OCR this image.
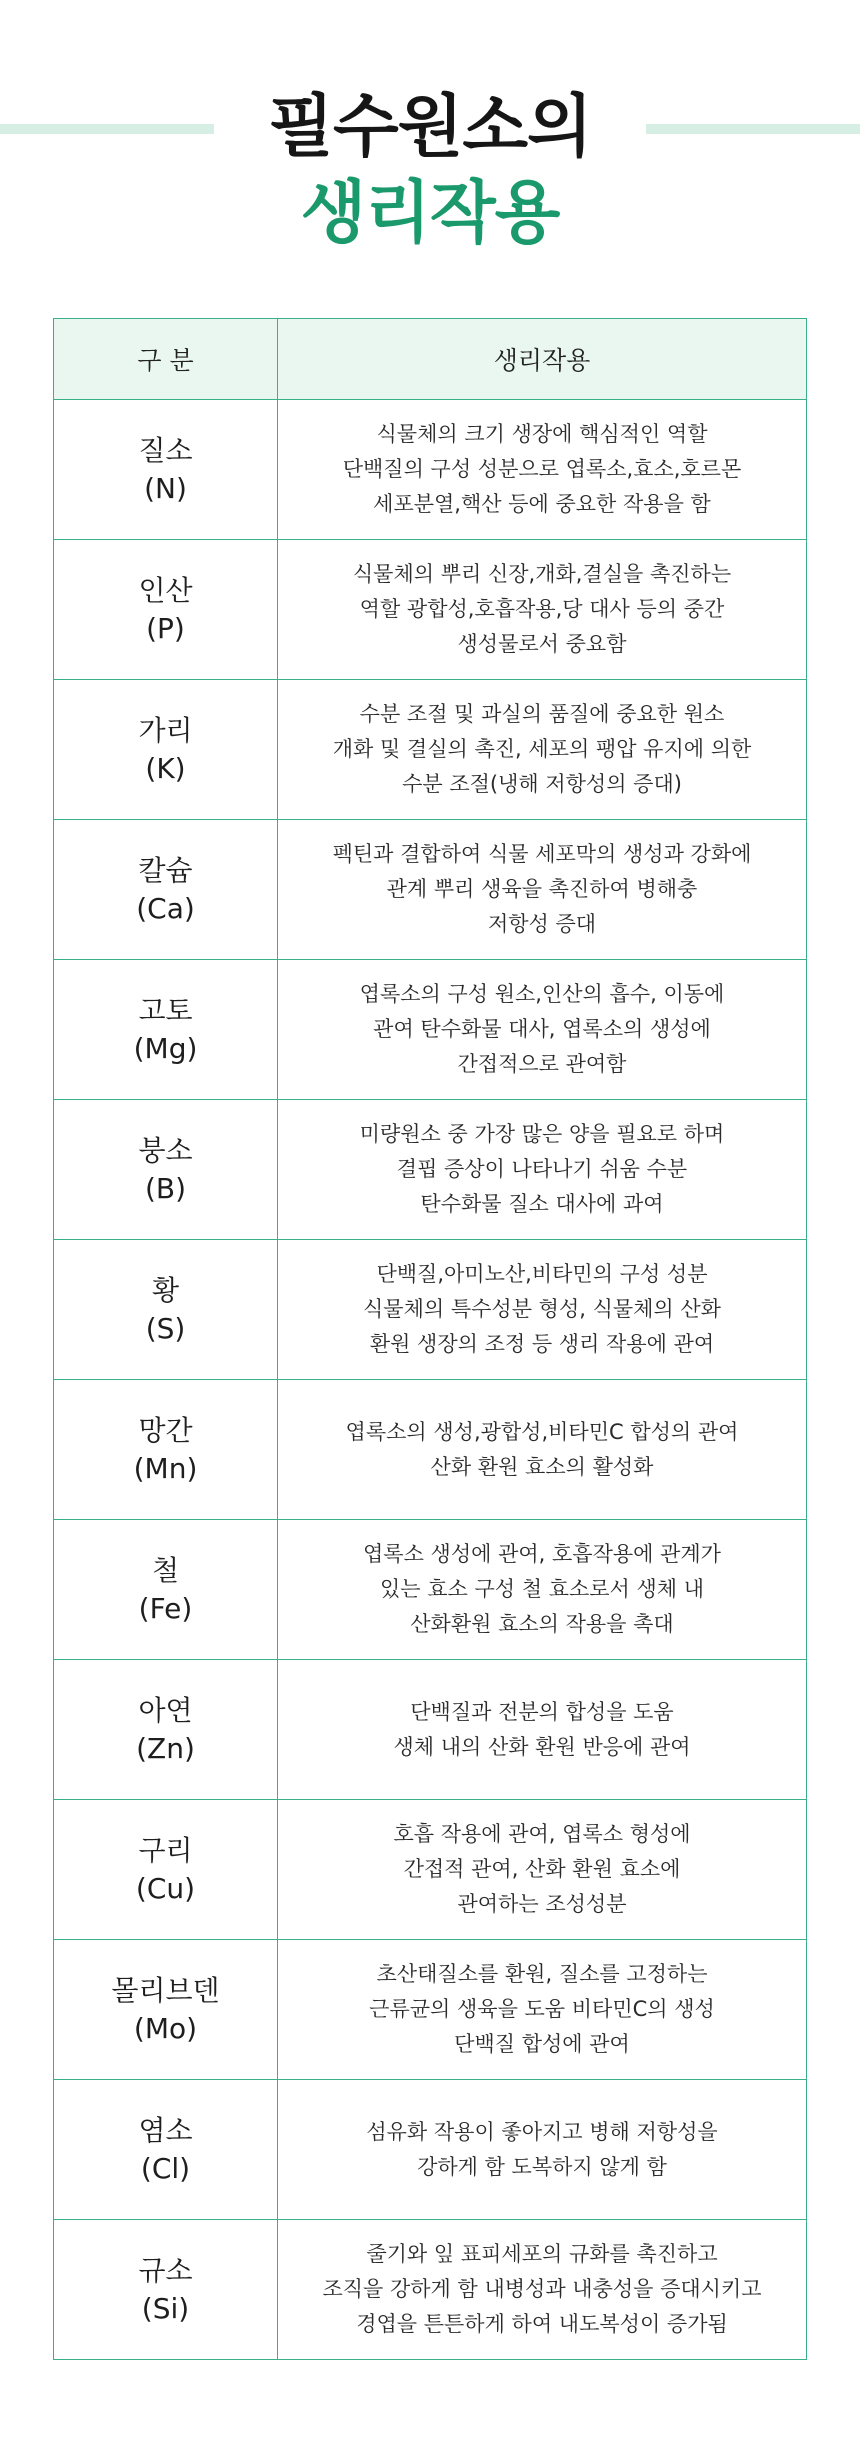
필수원소의
생리작용
구 분	생리작용
질소
(N)
식물체의 크기 생장에 핵심적인 역할
단백질의 구성 성분으로 엽록소,효소,호르몬
세포분열,핵산 등에 중요한 작용을 함
인산
(P)
식물체의 뿌리 신장,개화,결실을 촉진하는
역할 광합성,호흡작용,당 대사 등의 중간
생성물로서 중요함
가리
(K)
수분 조절 및 과실의 품질에 중요한 원소
개화 및 결실의 촉진, 세포의 팽압 유지에 의한
수분 조절(냉해 저항성의 증대)
칼슘
(Ca)
펙틴과 결합하여 식물 세포막의 생성과 강화에
관계 뿌리 생육을 촉진하여 병해충
저항성 증대
고토
(Mg)
엽록소의 구성 원소,인산의 흡수, 이동에
관여 탄수화물 대사, 엽록소의 생성에
간접적으로 관여함
붕소
(B)
미량원소 중 가장 많은 양을 필요로 하며
결핍 증상이 나타나기 쉬움 수분
탄수화물 질소 대사에 과여
황
(S)
단백질,아미노산,비타민의 구성 성분
식물체의 특수성분 형성, 식물체의 산화
환원 생장의 조정 등 생리 작용에 관여
망간
(Mn)
엽록소의 생성,광합성,비타민C 합성의 관여
산화 환원 효소의 활성화
철
(Fe)
엽록소 생성에 관여, 호흡작용에 관계가
있는 효소 구성 철 효소로서 생체 내
산화환원 효소의 작용을 촉대
아연
(Zn)
단백질과 전분의 합성을 도움
생체 내의 산화 환원 반응에 관여
구리
(Cu)
호흡 작용에 관여, 엽록소 형성에
간접적 관여, 산화 환원 효소에
관여하는 조성성분
몰리브덴
(Mo)
초산태질소를 환원, 질소를 고정하는
근류균의 생육을 도움 비타민C의 생성
단백질 합성에 관여
염소
(Cl)
섬유화 작용이 좋아지고 병해 저항성을
강하게 함 도복하지 않게 함
규소
(Si)
줄기와 잎 표피세포의 규화를 촉진하고
조직을 강하게 함 내병성과 내충성을 증대시키고
경엽을 튼튼하게 하여 내도복성이 증가됨
